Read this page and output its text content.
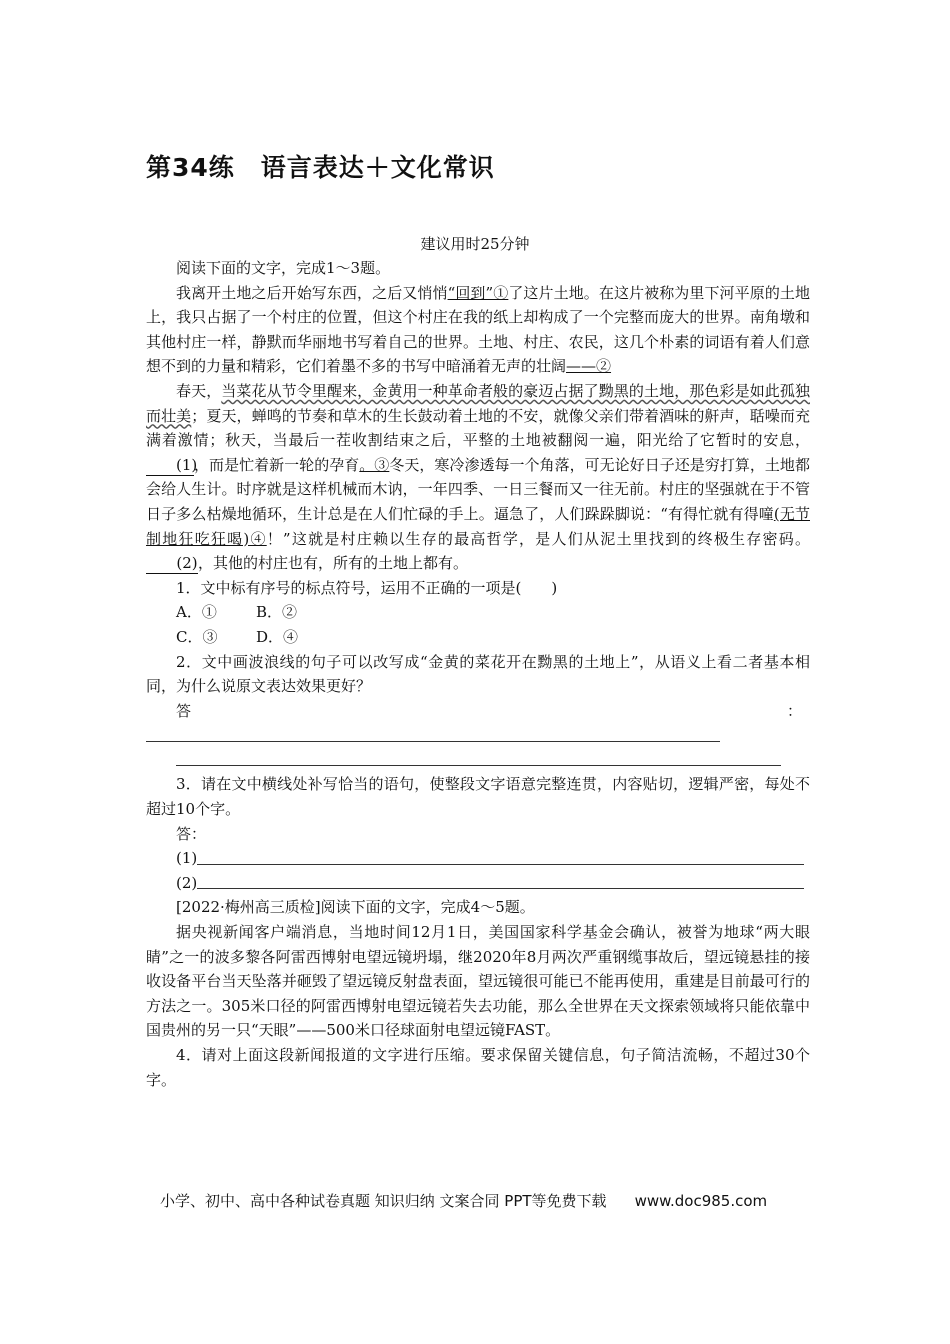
第34练　语言表达＋文化常识
建议用时25分钟

阅读下面的文字，完成1～3题。

我离开土地之后开始写东西，之后又悄悄“回到”①了这片土地。在这片被称为里下河平原的土地上，我只占据了一个村庄的位置，但这个村庄在我的纸上却构成了一个完整而庞大的世界。南角墩和其他村庄一样，静默而华丽地书写着自己的世界。土地、村庄、农民，这几个朴素的词语有着人们意想不到的力量和精彩，它们着墨不多的书写中暗涌着无声的壮阔——②

春天，当菜花从节令里醒来，金黄用一种革命者般的豪迈占据了黝黑的土地，那色彩是如此孤独而壮美；夏天，蝉鸣的节奏和草木的生长鼓动着土地的不安，就像父亲们带着酒味的鼾声，聒噪而充满着激情；秋天，当最后一茬收割结束之后，平整的土地被翻阅一遍，阳光给了它暂时的安息，(1)，而是忙着新一轮的孕育。③冬天，寒冷渗透每一个角落，可无论好日子还是穷打算，土地都会给人生计。时序就是这样机械而木讷，一年四季、一日三餐而又一往无前。村庄的坚强就在于不管日子多么枯燥地循环，生计总是在人们忙碌的手上。逼急了，人们跺跺脚说：“有得忙就有得噇(无节制地狂吃狂喝)④！”这就是村庄赖以生存的最高哲学，是人们从泥土里找到的终极生存密码。(2)，其他的村庄也有，所有的土地上都有。

1．文中标有序号的标点符号，运用不正确的一项是(　　)

A．①	B．②

C．③	D．④

2．文中画波浪线的句子可以改写成“金黄的菜花开在黝黑的土地上”，从语义上看二者基本相同，为什么说原文表达效果更好？

答	：

3．请在文中横线处补写恰当的语句，使整段文字语意完整连贯，内容贴切，逻辑严密，每处不超过10个字。

答：

(1)
(2)

[2022·梅州高三质检]阅读下面的文字，完成4～5题。

据央视新闻客户端消息，当地时间12月1日，美国国家科学基金会确认，被誉为地球“两大眼睛”之一的波多黎各阿雷西博射电望远镜坍塌，继2020年8月两次严重钢缆事故后，望远镜悬挂的接收设备平台当天坠落并砸毁了望远镜反射盘表面，望远镜很可能已不能再使用，重建是目前最可行的方法之一。305米口径的阿雷西博射电望远镜若失去功能，那么全世界在天文探索领域将只能依靠中国贵州的另一只“天眼”——500米口径球面射电望远镜FAST。

4．请对上面这段新闻报道的文字进行压缩。要求保留关键信息，句子简洁流畅，不超过30个字。

小学、初中、高中各种试卷真题 知识归纳 文案合同 PPT等免费下载 www.doc985.com
